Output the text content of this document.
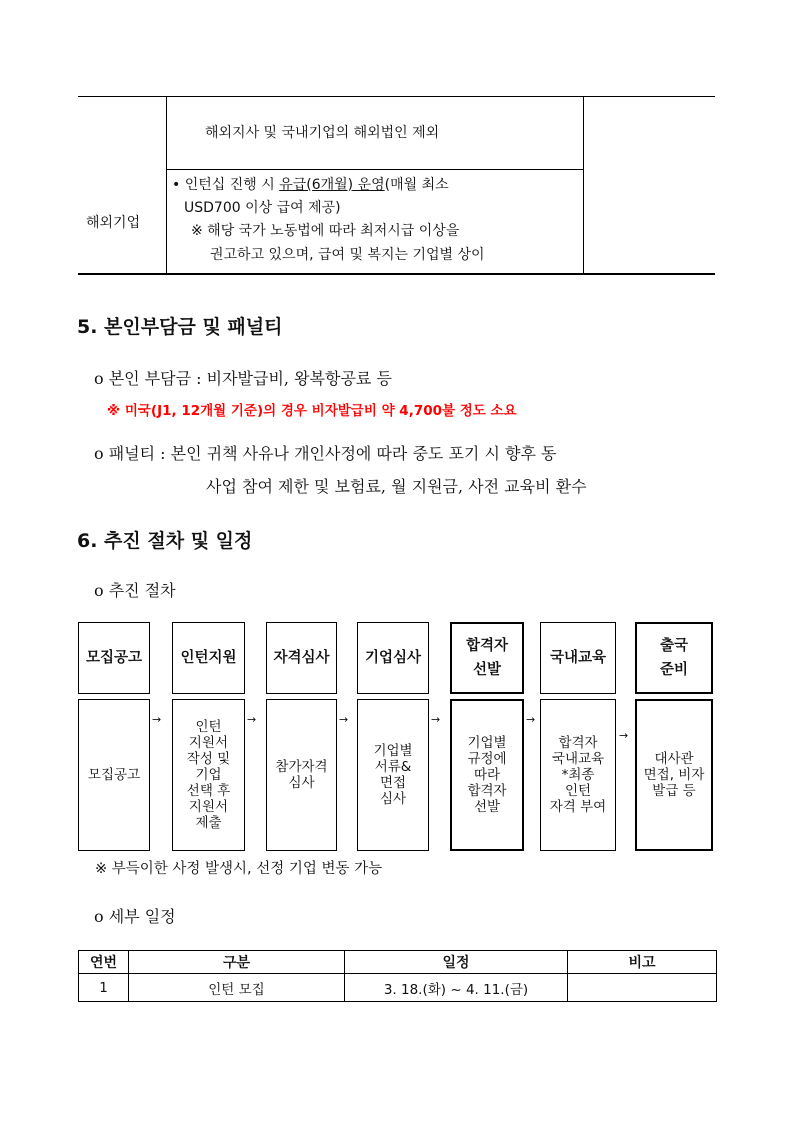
해외지사 및 국내기업의 해외법인 제외
해외기업
• 인턴십 진행 시 유급(6개월) 운영(매월 최소
USD700 이상 급여 제공)
※ 해당 국가 노동법에 따라 최저시급 이상을
권고하고 있으며, 급여 및 복지는 기업별 상이
5. 본인부담금 및 패널티
o 본인 부담금 : 비자발급비, 왕복항공료 등
※ 미국(J1, 12개월 기준)의 경우 비자발급비 약 4,700불 정도 소요
o 패널티 : 본인 귀책 사유나 개인사정에 따라 중도 포기 시 향후 동
사업 참여 제한 및 보험료, 월 지원금, 사전 교육비 환수
6. 추진 절차 및 일정
o 추진 절차
모집공고	인턴지원	자격심사	기업심사
합격자
선발
국내교육
출국
준비
모집공고
인턴
지원서
작성 및
기업
선택 후
지원서
제출
참가자격
심사
기업별
서류&
면접
심사
기업별
규정에
따라
합격자
선발
합격자
국내교육
*최종
인턴
자격 부여
대사관
면접, 비자
발급 등
→	→	→	→	→
→
※ 부득이한 사정 발생시, 선정 기업 변동 가능
o 세부 일정
연번	구분	일정	비고
1	인턴 모집	3. 18.(화) ~ 4. 11.(금)	
